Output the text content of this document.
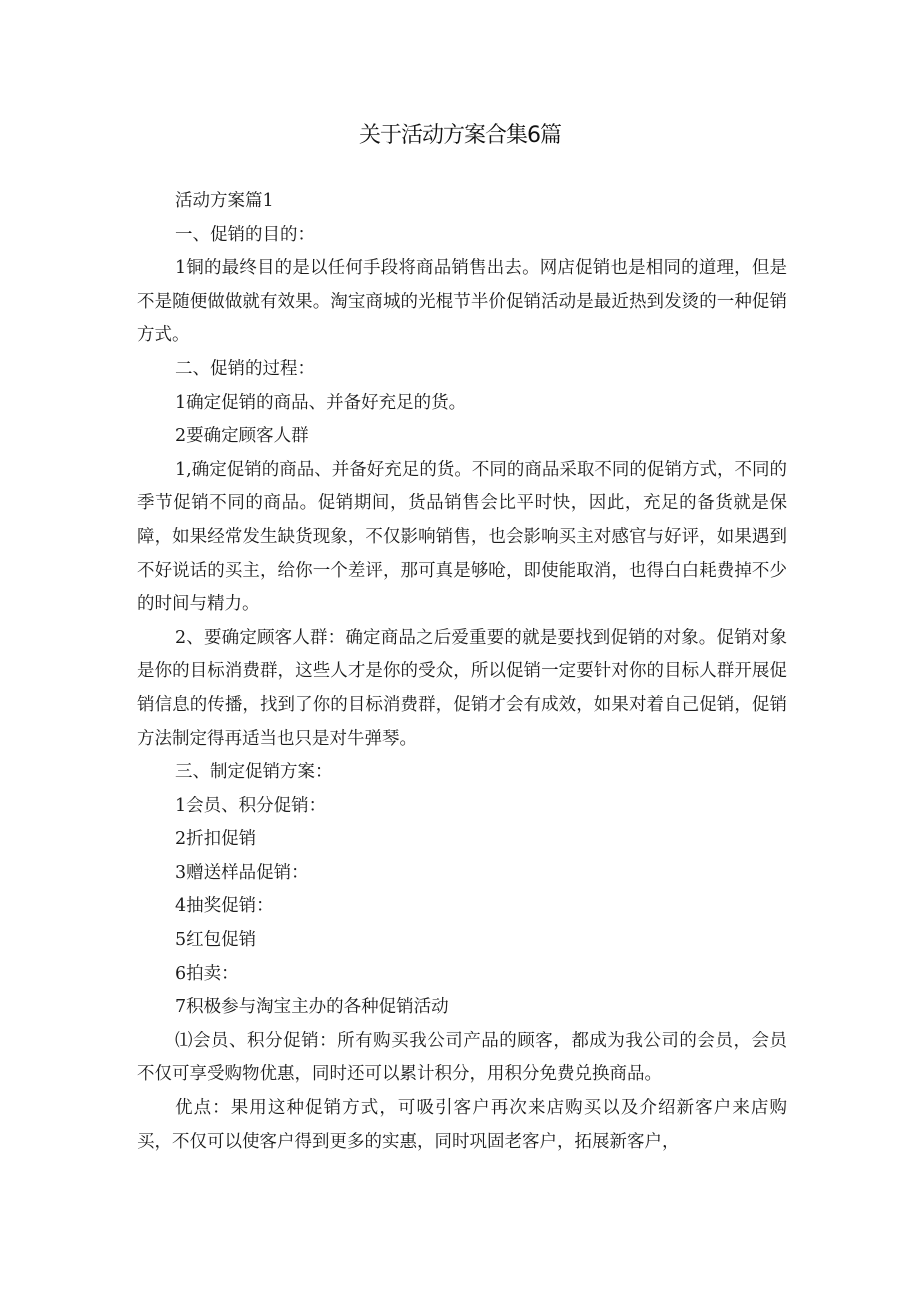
关于活动方案合集6篇

活动方案篇1

一、促销的目的：

1铜的最终目的是以任何手段将商品销售出去。网店促销也是相同的道理，但是不是随便做做就有效果。淘宝商城的光棍节半价促销活动是最近热到发烫的一种促销方式。

二、促销的过程：

1确定促销的商品、并备好充足的货。

2要确定顾客人群

1,确定促销的商品、并备好充足的货。不同的商品采取不同的促销方式，不同的季节促销不同的商品。促销期间，货品销售会比平时快，因此，充足的备货就是保障，如果经常发生缺货现象，不仅影响销售，也会影响买主对感官与好评，如果遇到不好说话的买主，给你一个差评，那可真是够呛，即使能取消，也得白白耗费掉不少的时间与精力。

2、要确定顾客人群：确定商品之后爱重要的就是要找到促销的对象。促销对象是你的目标消费群，这些人才是你的受众，所以促销一定要针对你的目标人群开展促销信息的传播，找到了你的目标消费群，促销才会有成效，如果对着自己促销，促销方法制定得再适当也只是对牛弹琴。

三、制定促销方案：

1会员、积分促销：

2折扣促销

3赠送样品促销：

4抽奖促销：

5红包促销

6拍卖：

7积极参与淘宝主办的各种促销活动

⑴会员、积分促销：所有购买我公司产品的顾客，都成为我公司的会员，会员不仅可享受购物优惠，同时还可以累计积分，用积分免费兑换商品。

优点：果用这种促销方式，可吸引客户再次来店购买以及介绍新客户来店购买，不仅可以使客户得到更多的实惠，同时巩固老客户，拓展新客户，
